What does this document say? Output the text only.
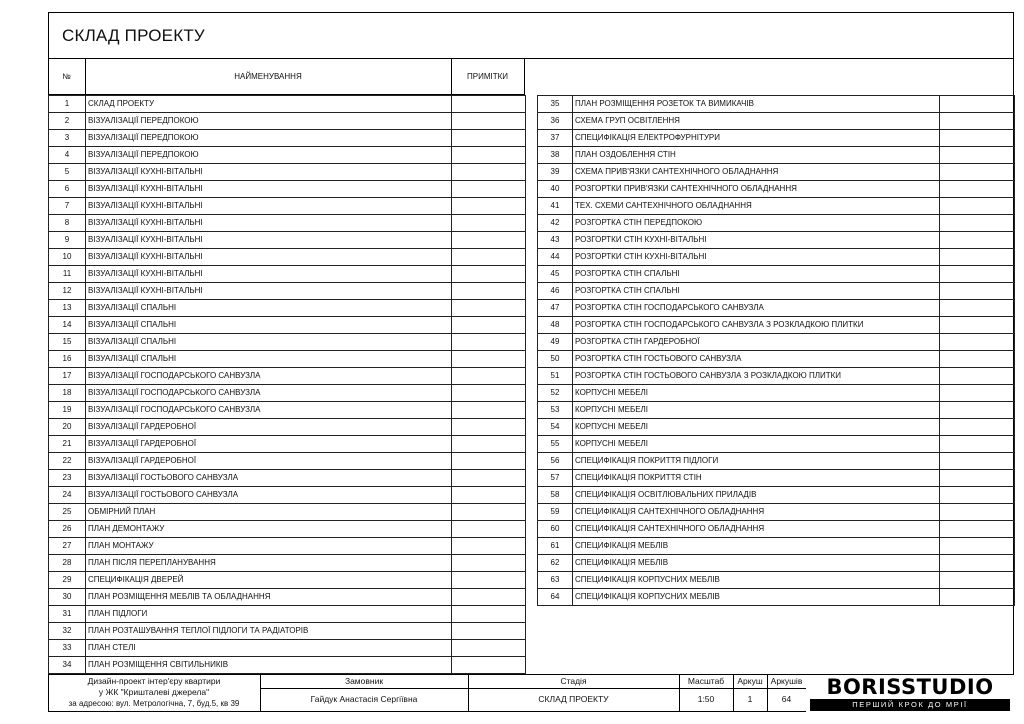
СКЛАД ПРОЕКТУ
№	НАЙМЕНУВАННЯ	ПРИМІТКИ
1	СКЛАД ПРОЕКТУ	
2	ВІЗУАЛІЗАЦІЇ ПЕРЕДПОКОЮ	
3	ВІЗУАЛІЗАЦІЇ ПЕРЕДПОКОЮ	
4	ВІЗУАЛІЗАЦІЇ ПЕРЕДПОКОЮ	
5	ВІЗУАЛІЗАЦІЇ КУХНІ-ВІТАЛЬНІ	
6	ВІЗУАЛІЗАЦІЇ КУХНІ-ВІТАЛЬНІ	
7	ВІЗУАЛІЗАЦІЇ КУХНІ-ВІТАЛЬНІ	
8	ВІЗУАЛІЗАЦІЇ КУХНІ-ВІТАЛЬНІ	
9	ВІЗУАЛІЗАЦІЇ КУХНІ-ВІТАЛЬНІ	
10	ВІЗУАЛІЗАЦІЇ КУХНІ-ВІТАЛЬНІ	
11	ВІЗУАЛІЗАЦІЇ КУХНІ-ВІТАЛЬНІ	
12	ВІЗУАЛІЗАЦІЇ КУХНІ-ВІТАЛЬНІ	
13	ВІЗУАЛІЗАЦІЇ СПАЛЬНІ	
14	ВІЗУАЛІЗАЦІЇ СПАЛЬНІ	
15	ВІЗУАЛІЗАЦІЇ СПАЛЬНІ	
16	ВІЗУАЛІЗАЦІЇ СПАЛЬНІ	
17	ВІЗУАЛІЗАЦІЇ ГОСПОДАРСЬКОГО САНВУЗЛА	
18	ВІЗУАЛІЗАЦІЇ ГОСПОДАРСЬКОГО САНВУЗЛА	
19	ВІЗУАЛІЗАЦІЇ ГОСПОДАРСЬКОГО САНВУЗЛА	
20	ВІЗУАЛІЗАЦІЇ ГАРДЕРОБНОЇ	
21	ВІЗУАЛІЗАЦІЇ ГАРДЕРОБНОЇ	
22	ВІЗУАЛІЗАЦІЇ ГАРДЕРОБНОЇ	
23	ВІЗУАЛІЗАЦІЇ ГОСТЬОВОГО САНВУЗЛА	
24	ВІЗУАЛІЗАЦІЇ ГОСТЬОВОГО САНВУЗЛА	
25	ОБМІРНИЙ ПЛАН	
26	ПЛАН ДЕМОНТАЖУ	
27	ПЛАН МОНТАЖУ	
28	ПЛАН ПІСЛЯ ПЕРЕПЛАНУВАННЯ	
29	СПЕЦИФІКАЦІЯ ДВЕРЕЙ	
30	ПЛАН РОЗМІЩЕННЯ МЕБЛІВ ТА ОБЛАДНАННЯ	
31	ПЛАН ПІДЛОГИ	
32	ПЛАН РОЗТАШУВАННЯ ТЕПЛОЇ ПІДЛОГИ ТА РАДІАТОРІВ	
33	ПЛАН СТЕЛІ	
34	ПЛАН РОЗМІЩЕННЯ СВІТИЛЬНИКІВ	
35	ПЛАН РОЗМІЩЕННЯ РОЗЕТОК ТА ВИМИКАЧІВ	
36	СХЕМА ГРУП ОСВІТЛЕННЯ	
37	СПЕЦИФІКАЦІЯ ЕЛЕКТРОФУРНІТУРИ	
38	ПЛАН ОЗДОБЛЕННЯ СТІН	
39	СХЕМА ПРИВ'ЯЗКИ САНТЕХНІЧНОГО ОБЛАДНАННЯ	
40	РОЗГОРТКИ ПРИВ'ЯЗКИ САНТЕХНІЧНОГО ОБЛАДНАННЯ	
41	ТЕХ. СХЕМИ САНТЕХНІЧНОГО ОБЛАДНАННЯ	
42	РОЗГОРТКА СТІН ПЕРЕДПОКОЮ	
43	РОЗГОРТКИ СТІН КУХНІ-ВІТАЛЬНІ	
44	РОЗГОРТКИ СТІН КУХНІ-ВІТАЛЬНІ	
45	РОЗГОРТКА СТІН СПАЛЬНІ	
46	РОЗГОРТКА СТІН СПАЛЬНІ	
47	РОЗГОРТКА СТІН ГОСПОДАРСЬКОГО САНВУЗЛА	
48	РОЗГОРТКА СТІН ГОСПОДАРСЬКОГО САНВУЗЛА З РОЗКЛАДКОЮ ПЛИТКИ	
49	РОЗГОРТКА СТІН ГАРДЕРОБНОЇ	
50	РОЗГОРТКА СТІН ГОСТЬОВОГО САНВУЗЛА	
51	РОЗГОРТКА СТІН ГОСТЬОВОГО САНВУЗЛА З РОЗКЛАДКОЮ ПЛИТКИ	
52	КОРПУСНІ МЕБЕЛІ	
53	КОРПУСНІ МЕБЕЛІ	
54	КОРПУСНІ МЕБЕЛІ	
55	КОРПУСНІ МЕБЕЛІ	
56	СПЕЦИФІКАЦІЯ ПОКРИТТЯ ПІДЛОГИ	
57	СПЕЦИФІКАЦІЯ ПОКРИТТЯ СТІН	
58	СПЕЦИФІКАЦІЯ ОСВІТЛЮВАЛЬНИХ ПРИЛАДІВ	
59	СПЕЦИФІКАЦІЯ САНТЕХНІЧНОГО ОБЛАДНАННЯ	
60	СПЕЦИФІКАЦІЯ САНТЕХНІЧНОГО ОБЛАДНАННЯ	
61	СПЕЦИФІКАЦІЯ МЕБЛІВ	
62	СПЕЦИФІКАЦІЯ МЕБЛІВ	
63	СПЕЦИФІКАЦІЯ КОРПУСНИХ МЕБЛІВ	
64	СПЕЦИФІКАЦІЯ КОРПУСНИХ МЕБЛІВ	
Дизайн-проект інтер'єру квартири
у ЖК "Кришталеві джерела"
за адресою: вул. Метрологічна, 7, буд.5, кв 39
Замовник
Гайдук Анастасія Сергіївна
Стадія
СКЛАД ПРОЕКТУ
Масштаб
1:50
Аркуш
1
Аркушів
64	BORISSTUDIO
ПЕРШИЙ КРОК ДО МРІЇ
